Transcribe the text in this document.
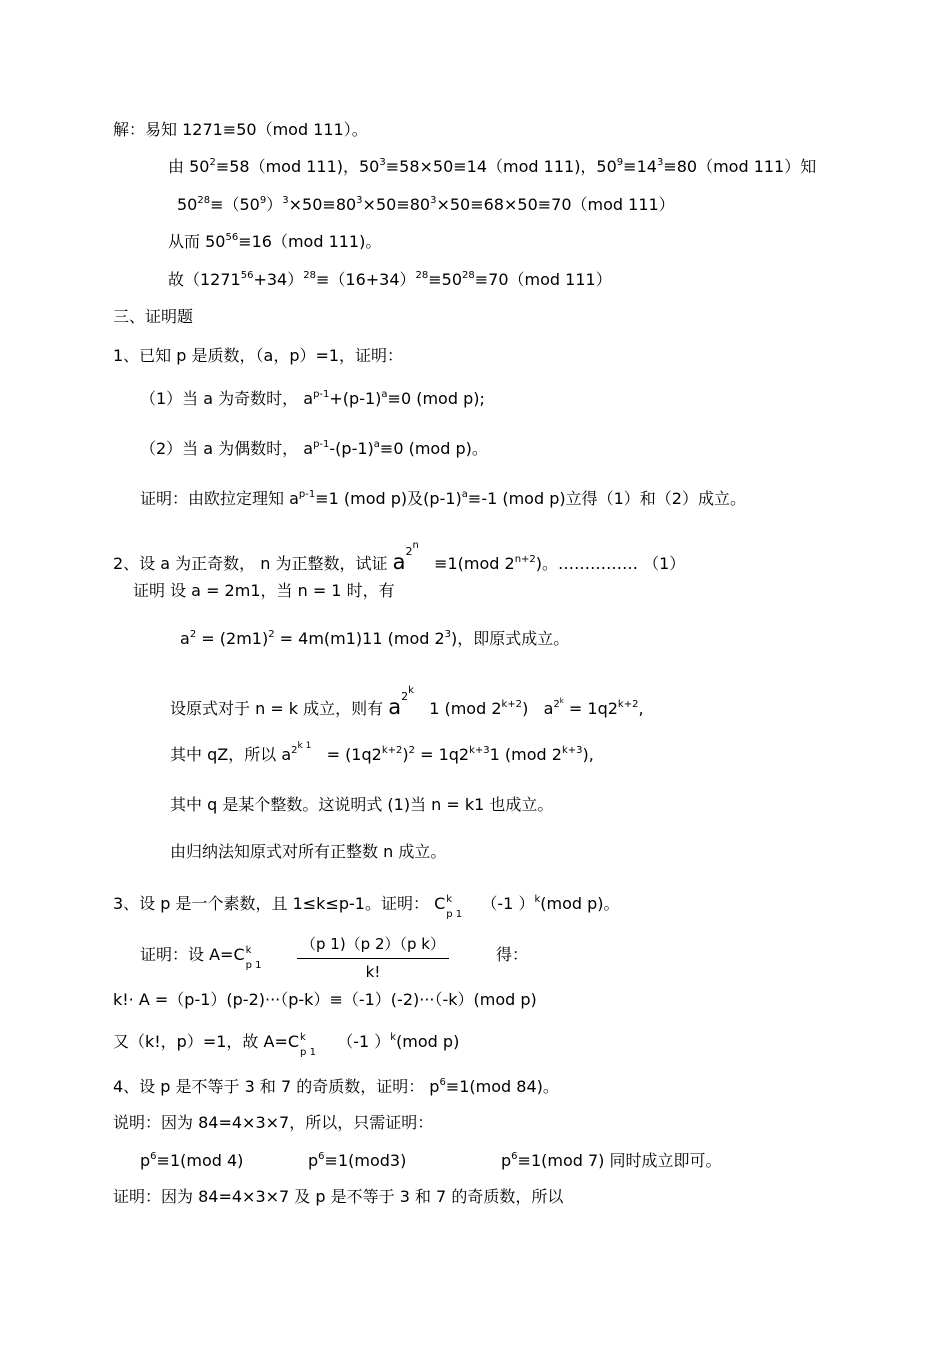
解：易知 1271≡50（mod 111）。
由 $50^2\equiv 58(mod$ 111)，$50^3\equiv 58\times 50\equiv 14(mod$ 111)，$50^9\equiv 14^3\equiv 80(mod$ 111）知
$50^{28}\equiv(50^9)^3\times 50\equiv 80^3\times 50\equiv 80^3\times 50\equiv 68\times 50\equiv 70(mod$ 111）
从而 $50^{56}\equiv 16(mod$ 111)。
故$(1271^{56}+34)^{28}\equiv(16+34)^{28}\equiv 50^{28}\equiv 70(mod$ 111）
三、证明题
1、已知 p 是质数，（a，p）=1，证明：
（1）当 a 为奇数时， $a^{p-1}+(p-1)^a\equiv 0$ (mod p);
（2）当 a 为偶数时， $a^{p-1}-(p-1)^a\equiv 0$ (mod p)。
证明：由欧拉定理知 $a^{p-1}\equiv 1$ (mod p)及$(p-1)^a\equiv-1$ (mod p)立得（1）和（2）成立。
2、设 a 为正奇数， n 为正整数，试证 $a^{2^n} \equiv 1(mod$ $2^{n+2}$)。…………… （1）
证明 设 a = 2m1，当 n = 1 时，有
$a^2 = (2m1)^2 = 4m(m1)11$ (mod $2^3$)，即原式成立。
设原式对于 n = k 成立，则有 $a^{2^k}$   1 (mod $2^{k+2}$) $a^{2^k} = 1q2^{k+2}$,
其中 qZ，所以 $a^{2k 1} = (1q2^{k+2})^2 = 1q2^{k+3}1$ (mod $2^{k+3}$),
其中 q 是某个整数。这说明式 (1)当 n = k1 也成立。
由归纳法知原式对所有正整数 n 成立。
3、设 p 是一个素数，且 1≤k≤p-1。证明： C k
p 1
（-1 ）$^k$(mod p)。
证明：设 A=C k
p $1 \frac{\text{（p 1)（p 2）（p k）}}{k!}$	得：
k!· A =（p-1）(p-2)···（p-k）≡（-1）(-2)···（-k）(mod p)
又（k!，p）=1，故 A=C k
p 1
（-1 ）$^k$(mod p)
4、设 p 是不等于 3 和 7 的奇质数，证明： $p^6\equiv 1(mod$ 84)。
说明：因为 84=4×3×7，所以，只需证明：
$p^6\equiv 1(mod$ 4)	$p^6\equiv 1(mod3)$	$p^6\equiv 1(mod$ 7) 同时成立即可。
证明：因为 84=4×3×7 及 p 是不等于 3 和 7 的奇质数，所以
